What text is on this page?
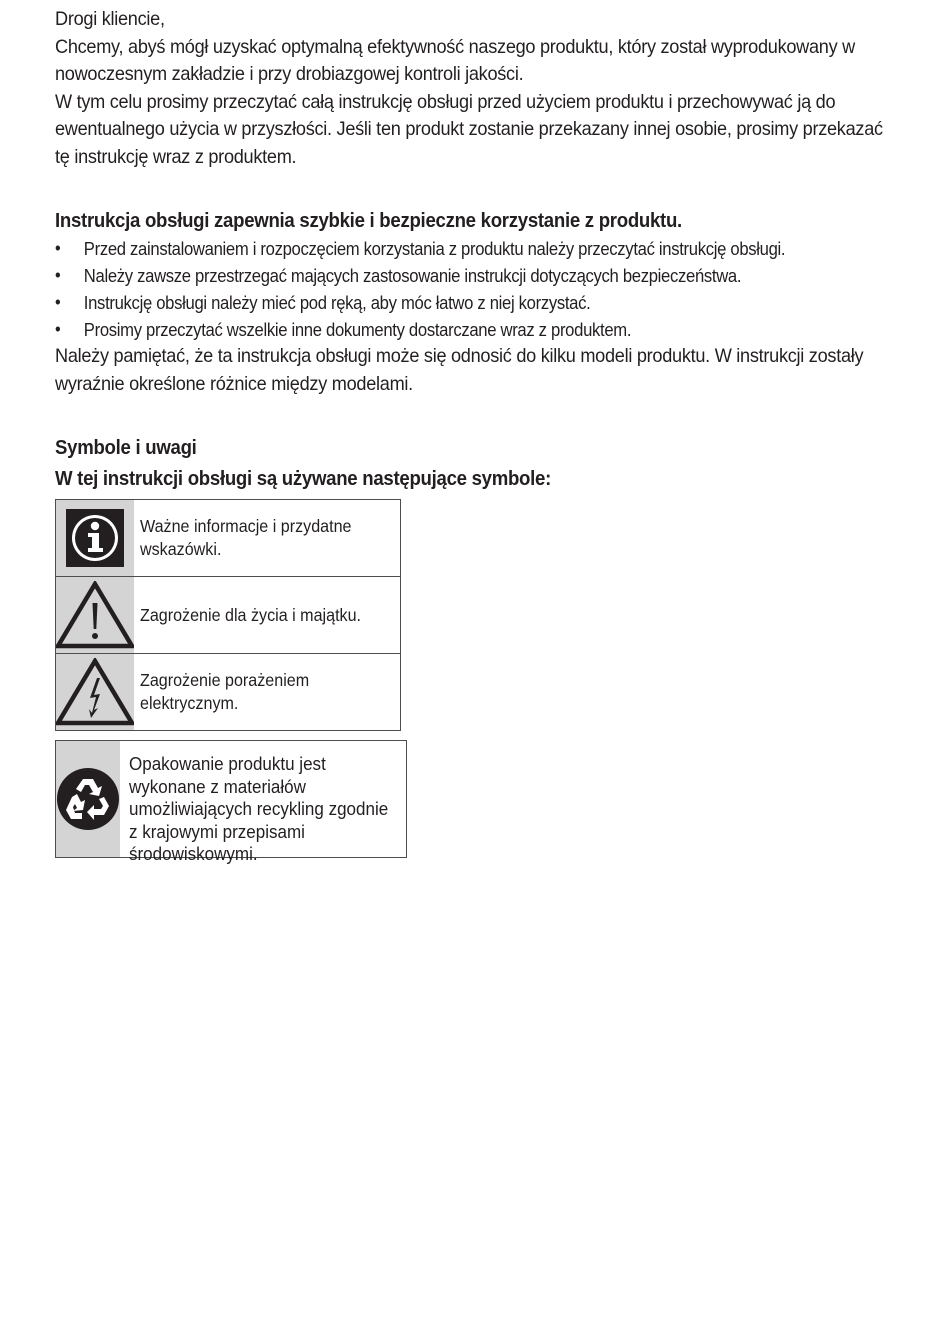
Drogi kliencie,

Chcemy, abyś mógł uzyskać optymalną efektywność naszego produktu, który został wyprodukowany w nowoczesnym zakładzie i przy drobiazgowej kontroli jakości.

W tym celu prosimy przeczytać całą instrukcję obsługi przed użyciem produktu i przechowywać ją do ewentualnego użycia w przyszłości. Jeśli ten produkt zostanie przekazany innej osobie, prosimy przekazać tę instrukcję wraz z produktem.

Instrukcja obsługi zapewnia szybkie i bezpieczne korzystanie z produktu.

• Przed zainstalowaniem i rozpoczęciem korzystania z produktu należy przeczytać instrukcję obsługi.
• Należy zawsze przestrzegać mających zastosowanie instrukcji dotyczących bezpieczeństwa.
• Instrukcję obsługi należy mieć pod ręką, aby móc łatwo z niej korzystać.
• Prosimy przeczytać wszelkie inne dokumenty dostarczane wraz z produktem.

Należy pamiętać, że ta instrukcja obsługi może się odnosić do kilku modeli produktu. W instrukcji zostały wyraźnie określone różnice między modelami.

Symbole i uwagi

W tej instrukcji obsługi są używane następujące symbole:

	Ważne informacje i przydatne wskazówki.

	Zagrożenie dla życia i majątku.

	Zagrożenie porażeniem elektrycznym.
Opakowanie produktu jest wykonane z materiałów umożliwiających recykling zgodnie z krajowymi przepisami środowiskowymi.
